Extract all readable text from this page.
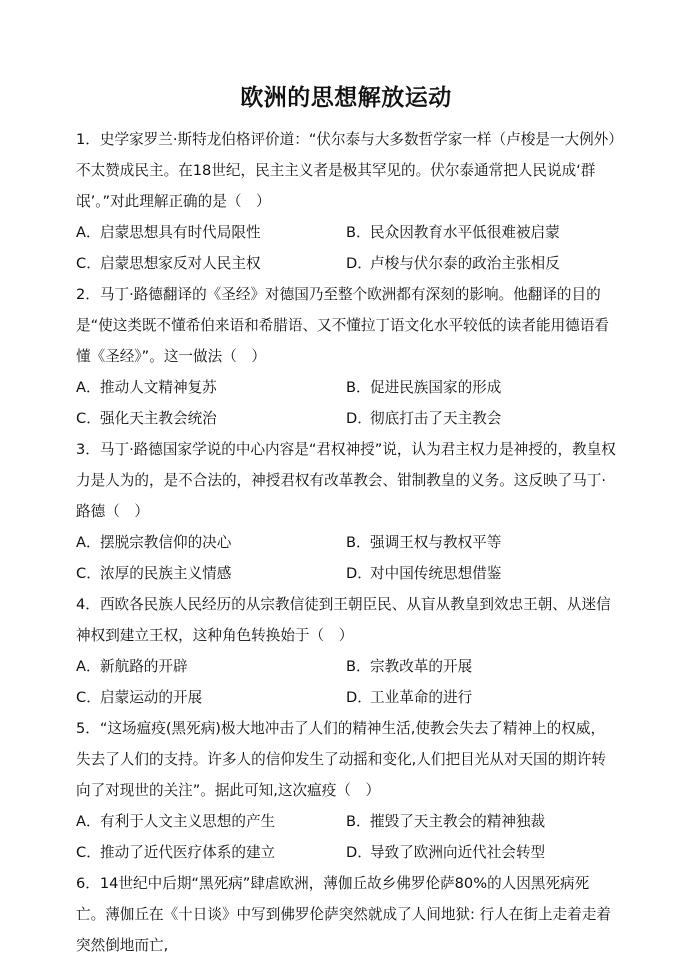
欧洲的思想解放运动

1．史学家罗兰·斯特龙伯格评价道：“伏尔泰与大多数哲学家一样（卢梭是一大例外）不太赞成民主。在18世纪，民主主义者是极其罕见的。伏尔泰通常把人民说成‘群氓’。”对此理解正确的是（　）

A．启蒙思想具有时代局限性	B．民众因教育水平低很难被启蒙
C．启蒙思想家反对人民主权	D．卢梭与伏尔泰的政治主张相反

2．马丁·路德翻译的《圣经》对德国乃至整个欧洲都有深刻的影响。他翻译的目的是“使这类既不懂希伯来语和希腊语、又不懂拉丁语文化水平较低的读者能用德语看懂《圣经》”。这一做法（　）

A．推动人文精神复苏	B．促进民族国家的形成
C．强化天主教会统治	D．彻底打击了天主教会

3．马丁·路德国家学说的中心内容是“君权神授”说，认为君主权力是神授的，教皇权力是人为的，是不合法的，神授君权有改革教会、钳制教皇的义务。这反映了马丁·路德（　）

A．摆脱宗教信仰的决心	B．强调王权与教权平等
C．浓厚的民族主义情感	D．对中国传统思想借鉴

4．西欧各民族人民经历的从宗教信徒到王朝臣民、从盲从教皇到效忠王朝、从迷信神权到建立王权，这种角色转换始于（　）

A．新航路的开辟	B．宗教改革的开展
C．启蒙运动的开展	D．工业革命的进行

5．“这场瘟疫(黑死病)极大地冲击了人们的精神生活,使教会失去了精神上的权威，失去了人们的支持。许多人的信仰发生了动摇和变化,人们把目光从对天国的期许转向了对现世的关注”。据此可知,这次瘟疫（　）

A．有利于人文主义思想的产生	B．摧毁了天主教会的精神独裁
C．推动了近代医疗体系的建立	D．导致了欧洲向近代社会转型

6．14世纪中后期“黑死病”肆虐欧洲，薄伽丘故乡佛罗伦萨80%的人因黑死病死亡。薄伽丘在《十日谈》中写到佛罗伦萨突然就成了人间地狱: 行人在街上走着走着突然倒地而亡,
